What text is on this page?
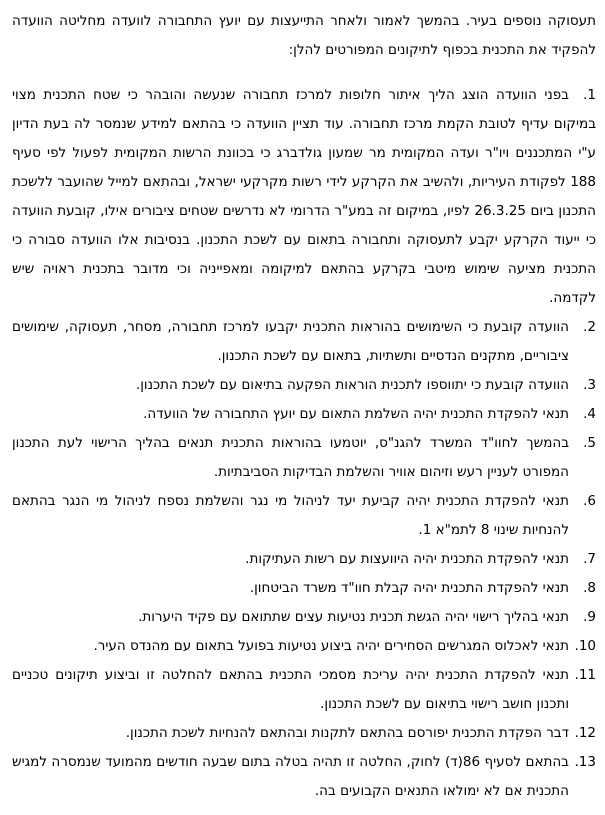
תעסוקה נוספים בעיר. בהמשך לאמור ולאחר התייעצות עם יועץ התחבורה לוועדה מחליטה הוועדה להפקיד את התכנית בכפוף לתיקונים המפורטים להלן:

1.בפני הוועדה הוצג הליך איתור חלופות למרכז תחבורה שנעשה והובהר כי שטח התכנית מצוי במיקום עדיף לטובת הקמת מרכז תחבורה. עוד תציין הוועדה כי בהתאם למידע שנמסר לה בעת הדיון ע"י המתכננים ויו"ר ועדה המקומית מר שמעון גולדברג כי בכוונת הרשות המקומית לפעול לפי סעיף 188 לפקודת העיריות, ולהשיב את הקרקע לידי רשות מקרקעי ישראל, ובהתאם למייל שהועבר ללשכת התכנון ביום 26.3.25 לפיו, במיקום זה במע"ר הדרומי לא נדרשים שטחים ציבורים אילו, קובעת הוועדה כי ייעוד הקרקע יקבע לתעסוקה ותחבורה בתאום עם לשכת התכנון. בנסיבות אלו הוועדה סבורה כי התכנית מציעה שימוש מיטבי בקרקע בהתאם למיקומה ומאפייניה וכי מדובר בתכנית ראויה שיש לקדמה.

2.הוועדה קובעת כי השימושים בהוראות התכנית יקבעו למרכז תחבורה, מסחר, תעסוקה, שימושים ציבוריים, מתקנים הנדסיים ותשתיות, בתאום עם לשכת התכנון.

3.הוועדה קובעת כי יתווספו לתכנית הוראות הפקעה בתיאום עם לשכת התכנון.

4.תנאי להפקדת התכנית יהיה השלמת התאום עם יועץ התחבורה של הוועדה.

5.בהמשך לחוו"ד המשרד להגנ"ס, יוטמעו בהוראות התכנית תנאים בהליך הרישוי לעת התכנון המפורט לעניין רעש וזיהום אוויר והשלמת הבדיקות הסביבתיות.

6.תנאי להפקדת התכנית יהיה קביעת יעד לניהול מי נגר והשלמת נספח לניהול מי הנגר בהתאם להנחיות שינוי 8 לתמ"א 1.

7.תנאי להפקדת התכנית יהיה היוועצות עם רשות העתיקות.

8.תנאי להפקדת התכנית יהיה קבלת חוו"ד משרד הביטחון.

9.תנאי בהליך רישוי יהיה הגשת תכנית נטיעות עצים שתתואם עם פקיד היערות.

10.תנאי לאכלוס המגרשים הסחירים יהיה ביצוע נטיעות בפועל בתאום עם מהנדס העיר.

11.תנאי להפקדת התכנית יהיה עריכת מסמכי התכנית בהתאם להחלטה זו וביצוע תיקונים טכניים ותכנון חושב רישוי בתיאום עם לשכת התכנון.

12.דבר הפקדת התכנית יפורסם בהתאם לתקנות ובהתאם להנחיות לשכת התכנון.

13.בהתאם לסעיף 86(ד) לחוק, החלטה זו תהיה בטלה בתום שבעה חודשים מהמועד שנמסרה למגיש התכנית אם לא ימולאו התנאים הקבועים בה.
